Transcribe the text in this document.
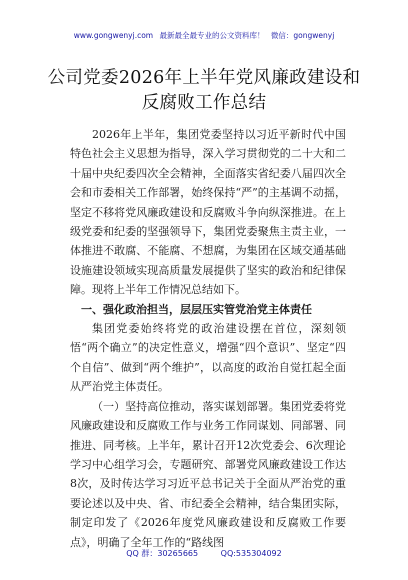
www.gongwenyj.com 最新最全最专业的公文资料库！ 微信：gongwenyj
公司党委2026年上半年党风廉政建设和反腐败工作总结

2026年上半年，集团党委坚持以习近平新时代中国特色社会主义思想为指导，深入学习贯彻党的二十大和二十届中央纪委四次全会精神，全面落实省纪委八届四次全会和市委相关工作部署，始终保持“严”的主基调不动摇，坚定不移将党风廉政建设和反腐败斗争向纵深推进。在上级党委和纪委的坚强领导下，集团党委聚焦主责主业，一体推进不敢腐、不能腐、不想腐，为集团在区域交通基础设施建设领域实现高质量发展提供了坚实的政治和纪律保障。现将上半年工作情况总结如下。

一、强化政治担当，层层压实管党治党主体责任

集团党委始终将党的政治建设摆在首位，深刻领悟“两个确立”的决定性意义，增强“四个意识”、坚定“四个自信”、做到“两个维护”，以高度的政治自觉扛起全面从严治党主体责任。

（一）坚持高位推动，落实谋划部署。集团党委将党风廉政建设和反腐败工作与业务工作同谋划、同部署、同推进、同考核。上半年，累计召开12次党委会、6次理论学习中心组学习会，专题研究、部署党风廉政建设工作达8次，及时传达学习习近平总书记关于全面从严治党的重要论述以及中央、省、市纪委全会精神，结合集团实际，制定印发了《2026年度党风廉政建设和反腐败工作要点》，明确了全年工作的“路线图

QQ 群：30265665	QQ:535304092
